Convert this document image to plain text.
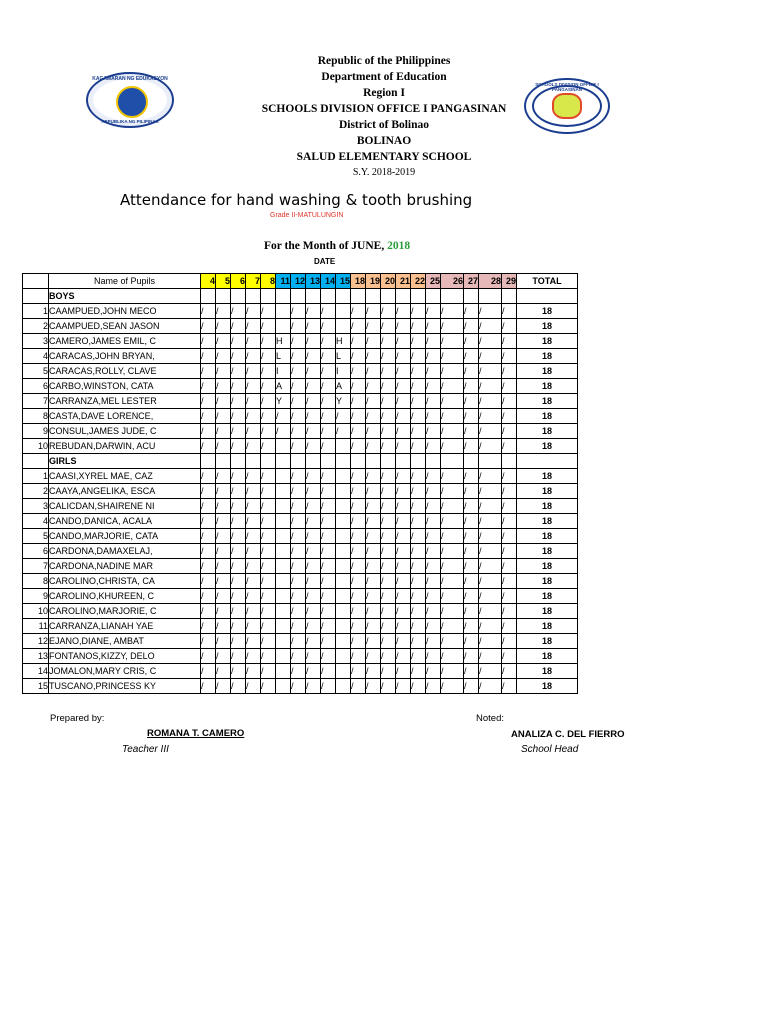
KAGAWARAN NG EDUKASYON
REPUBLIKA NG PILIPINAS
SCHOOLS DIVISION OFFICE I PANGASINAN
Republic of the Philippines
Department of Education
Region I
SCHOOLS DIVISION OFFICE I PANGASINAN
District of Bolinao
BOLINAO
SALUD ELEMENTARY SCHOOL
S.Y. 2018-2019
Attendance for hand washing & tooth brushing
Grade II-MATULUNGIN
For the Month of JUNE, 2018
DATE
	Name of Pupils	4	5	6	7	8	11	12	13	14	15	18	19	20	21	22	25	26	27	28	29	TOTAL
	BOYS																					
1	CAAMPUED,JOHN MECO	/	/	/	/	/		/	/	/		/	/	/	/	/	/	/	/	/	/	18
2	CAAMPUED,SEAN JASON	/	/	/	/	/		/	/	/		/	/	/	/	/	/	/	/	/	/	18
3	CAMERO,JAMES EMIL, C	/	/	/	/	/	H	/	/	/	H	/	/	/	/	/	/	/	/	/	/	18
4	CARACAS,JOHN BRYAN,	/	/	/	/	/	L	/	/	/	L	/	/	/	/	/	/	/	/	/	/	18
5	CARACAS,ROLLY, CLAVE	/	/	/	/	/	I	/	/	/	I	/	/	/	/	/	/	/	/	/	/	18
6	CARBO,WINSTON, CATA	/	/	/	/	/	A	/	/	/	A	/	/	/	/	/	/	/	/	/	/	18
7	CARRANZA,MEL LESTER	/	/	/	/	/	Y	/	/	/	Y	/	/	/	/	/	/	/	/	/	/	18
8	CASTA,DAVE LORENCE,	/	/	/	/	/	/	/	/	/	/	/	/	/	/	/	/	/	/	/	/	18
9	CONSUL,JAMES JUDE, C	/	/	/	/	/	/	/	/	/	/	/	/	/	/	/	/	/	/	/	/	18
10	REBUDAN,DARWIN, ACU	/	/	/	/	/		/	/	/		/	/	/	/	/	/	/	/	/	/	18
	GIRLS																					
1	CAASI,XYREL MAE, CAZ	/	/	/	/	/		/	/	/		/	/	/	/	/	/	/	/	/	/	18
2	CAAYA,ANGELIKA, ESCA	/	/	/	/	/		/	/	/		/	/	/	/	/	/	/	/	/	/	18
3	CALICDAN,SHAIRENE NI	/	/	/	/	/		/	/	/		/	/	/	/	/	/	/	/	/	/	18
4	CANDO,DANICA, ACALA	/	/	/	/	/		/	/	/		/	/	/	/	/	/	/	/	/	/	18
5	CANDO,MARJORIE, CATA	/	/	/	/	/		/	/	/		/	/	/	/	/	/	/	/	/	/	18
6	CARDONA,DAMAXELAJ,	/	/	/	/	/		/	/	/		/	/	/	/	/	/	/	/	/	/	18
7	CARDONA,NADINE MAR	/	/	/	/	/		/	/	/		/	/	/	/	/	/	/	/	/	/	18
8	CAROLINO,CHRISTA, CA	/	/	/	/	/		/	/	/		/	/	/	/	/	/	/	/	/	/	18
9	CAROLINO,KHUREEN, C	/	/	/	/	/		/	/	/		/	/	/	/	/	/	/	/	/	/	18
10	CAROLINO,MARJORIE, C	/	/	/	/	/		/	/	/		/	/	/	/	/	/	/	/	/	/	18
11	CARRANZA,LIANAH YAE	/	/	/	/	/		/	/	/		/	/	/	/	/	/	/	/	/	/	18
12	EJANO,DIANE, AMBAT	/	/	/	/	/		/	/	/		/	/	/	/	/	/	/	/	/	/	18
13	FONTANOS,KIZZY, DELO	/	/	/	/	/		/	/	/		/	/	/	/	/	/	/	/	/	/	18
14	JOMALON,MARY CRIS, C	/	/	/	/	/		/	/	/		/	/	/	/	/	/	/	/	/	/	18
15	TUSCANO,PRINCESS KY	/	/	/	/	/		/	/	/		/	/	/	/	/	/	/	/	/	/	18
Prepared by:
ROMANA T. CAMERO
Teacher III
Noted:
ANALIZA C. DEL FIERRO
School Head
